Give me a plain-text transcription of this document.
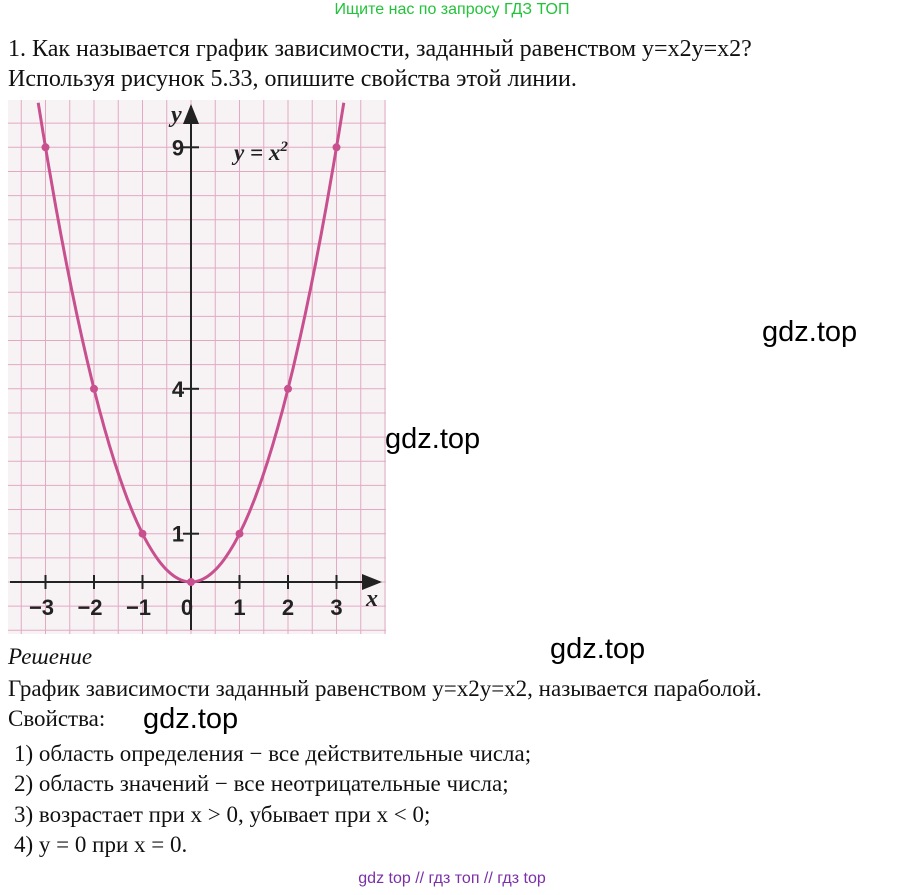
Ищите нас по запросу ГДЗ ТОП
1. Как называется график зависимости, заданный равенством y=x2y=x2?
Используя рисунок 5.33, опишите свойства этой линии.
−3 −2 −1 0 1 2 3
9
4
1
y
x
$y = x^2$
gdz.top
gdz.top
gdz.top
gdz.top
Решение
График зависимости заданный равенством y=x2y=x2, называется параболой.
Свойства:
1) область определения − все действительные числа;
2) область значений − все неотрицательные числа;
3) возрастает при x > 0, убывает при x < 0;
4) y = 0 при x = 0.
gdz top // гдз топ // гдз top
